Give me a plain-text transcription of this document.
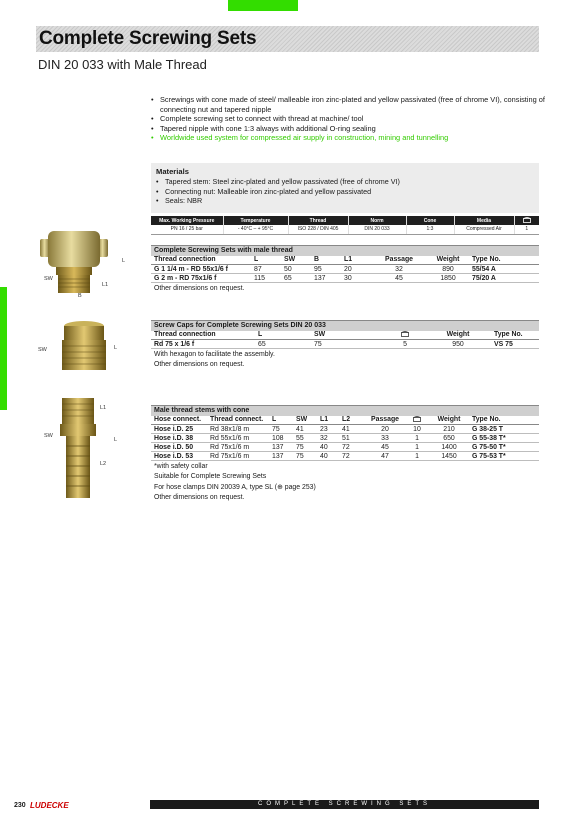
Complete Screwing Sets
DIN 20 033 with Male Thread
• Screwings with cone made of steel/ malleable iron zinc-plated and yellow passivated (free of chrome VI), consisting of connecting nut and tapered nipple
• Complete screwing set to connect with thread at machine/ tool
• Tapered nipple with cone 1:3 always with additional O-ring sealing
• Worldwide used system for compressed air supply in construction, mining and tunnelling
Materials
• Tapered stem: Steel zinc-plated and yellow passivated (free of chrome VI)
• Connecting nut: Malleable iron zinc-plated and yellow passivated
• Seals: NBR
Max. Working Pressure	Temperature	Thread	Norm	Cone	Media	
PN 16 / 25 bar	- 40°C – + 95°C	ISO 228 / DIN 405	DIN 20 033	1:3	Compressed Air	1
SW
L1
L
B
Complete Screwing Sets with male thread							
Thread connection	L	SW	B	L1	Passage	Weight	Type No.
G 1 1/4 m - RD 55x1/6 f	87	50	95	20	32	890	55/54 A
G 2 m - RD 75x1/6 f	115	65	137	30	45	1850	75/20 A
Other dimensions on request.							
SW	L
Screw Caps for Complete Screwing Sets DIN 20 033					
Thread connection	L	SW		Weight	Type No.
Rd 75 x 1/6 f	65	75	5	950	VS 75
With hexagon to facilitate the assembly.					
Other dimensions on request.					
L1
SW
L
L2
Male thread stems with cone									
Hose connect.	Thread connect.	L	SW	L1	L2	Passage		Weight	Type No.
Hose i.D. 25	Rd 38x1/8 m	75	41	23	41	20	10	210	G 38-25 T
Hose i.D. 38	Rd 55x1/6 m	108	55	32	51	33	1	650	G 55-38 T*
Hose i.D. 50	Rd 75x1/6 m	137	75	40	72	45	1	1400	G 75-50 T*
Hose i.D. 53	Rd 75x1/6 m	137	75	40	72	47	1	1450	G 75-53 T*
*with safety collar									
Suitable for Complete Screwing Sets									
For hose clamps DIN 20039 A, type SL (⊕ page 253)									
Other dimensions on request.									
230 LUDECKE	COMPLETE SCREWING SETS
